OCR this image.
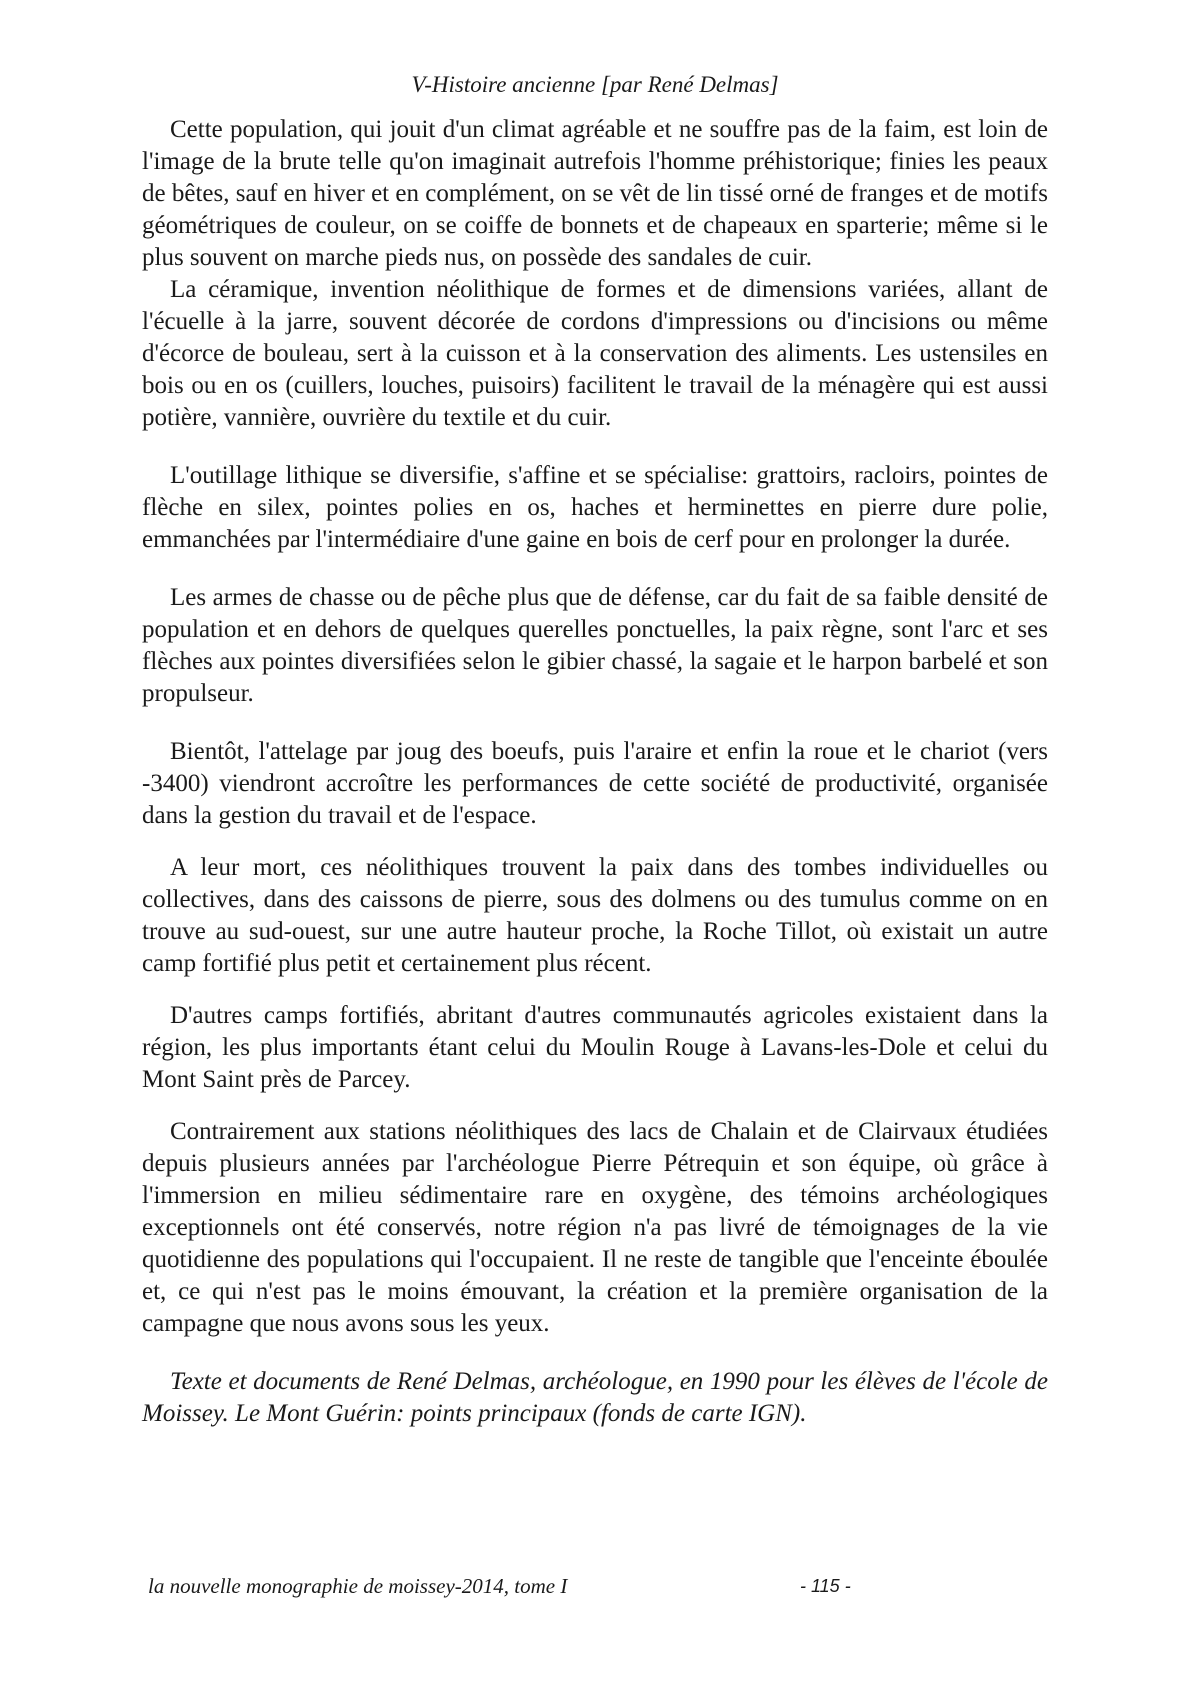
V-Histoire ancienne [par René Delmas]

Cette population, qui jouit d'un climat agréable et ne souffre pas de la faim, est loin de l'image de la brute telle qu'on imaginait autrefois l'homme préhistorique; finies les peaux de bêtes, sauf en hiver et en complément, on se vêt de lin tissé orné de franges et de motifs géométriques de couleur, on se coiffe de bonnets et de chapeaux en sparterie; même si le plus souvent on marche pieds nus, on possède des sandales de cuir.

La céramique, invention néolithique de formes et de dimensions variées, allant de l'écuelle à la jarre, souvent décorée de cordons d'impressions ou d'incisions ou même d'écorce de bouleau, sert à la cuisson et à la conservation des aliments. Les ustensiles en bois ou en os (cuillers, louches, puisoirs) facilitent le travail de la ménagère qui est aussi potière, vannière, ouvrière du textile et du cuir.

L'outillage lithique se diversifie, s'affine et se spécialise: grattoirs, racloirs, pointes de flèche en silex, pointes polies en os, haches et herminettes en pierre dure polie, emmanchées par l'intermédiaire d'une gaine en bois de cerf pour en prolonger la durée.

Les armes de chasse ou de pêche plus que de défense, car du fait de sa faible densité de population et en dehors de quelques querelles ponctuelles, la paix règne, sont l'arc et ses flèches aux pointes diversifiées selon le gibier chassé, la sagaie et le harpon barbelé et son propulseur.

Bientôt, l'attelage par joug des boeufs, puis l'araire et enfin la roue et le chariot (vers -3400) viendront accroître les performances de cette société de productivité, organisée dans la gestion du travail et de l'espace.

A leur mort, ces néolithiques trouvent la paix dans des tombes individuelles ou collectives, dans des caissons de pierre, sous des dolmens ou des tumulus comme on en trouve au sud-ouest, sur une autre hauteur proche, la Roche Tillot, où existait un autre camp fortifié plus petit et certainement plus récent.

D'autres camps fortifiés, abritant d'autres communautés agricoles existaient dans la région, les plus importants étant celui du Moulin Rouge à Lavans-les-Dole et celui du Mont Saint près de Parcey.

Contrairement aux stations néolithiques des lacs de Chalain et de Clairvaux étudiées depuis plusieurs années par l'archéologue Pierre Pétrequin et son équipe, où grâce à l'immersion en milieu sédimentaire rare en oxygène, des témoins archéologiques exceptionnels ont été conservés, notre région n'a pas livré de témoignages de la vie quotidienne des populations qui l'occupaient. Il ne reste de tangible que l'enceinte éboulée et, ce qui n'est pas le moins émouvant, la création et la première organisation de la campagne que nous avons sous les yeux.

Texte et documents de René Delmas, archéologue, en 1990 pour les élèves de l'école de Moissey. Le Mont Guérin: points principaux (fonds de carte IGN).

la nouvelle monographie de moissey-2014, tome I	- 115 -
